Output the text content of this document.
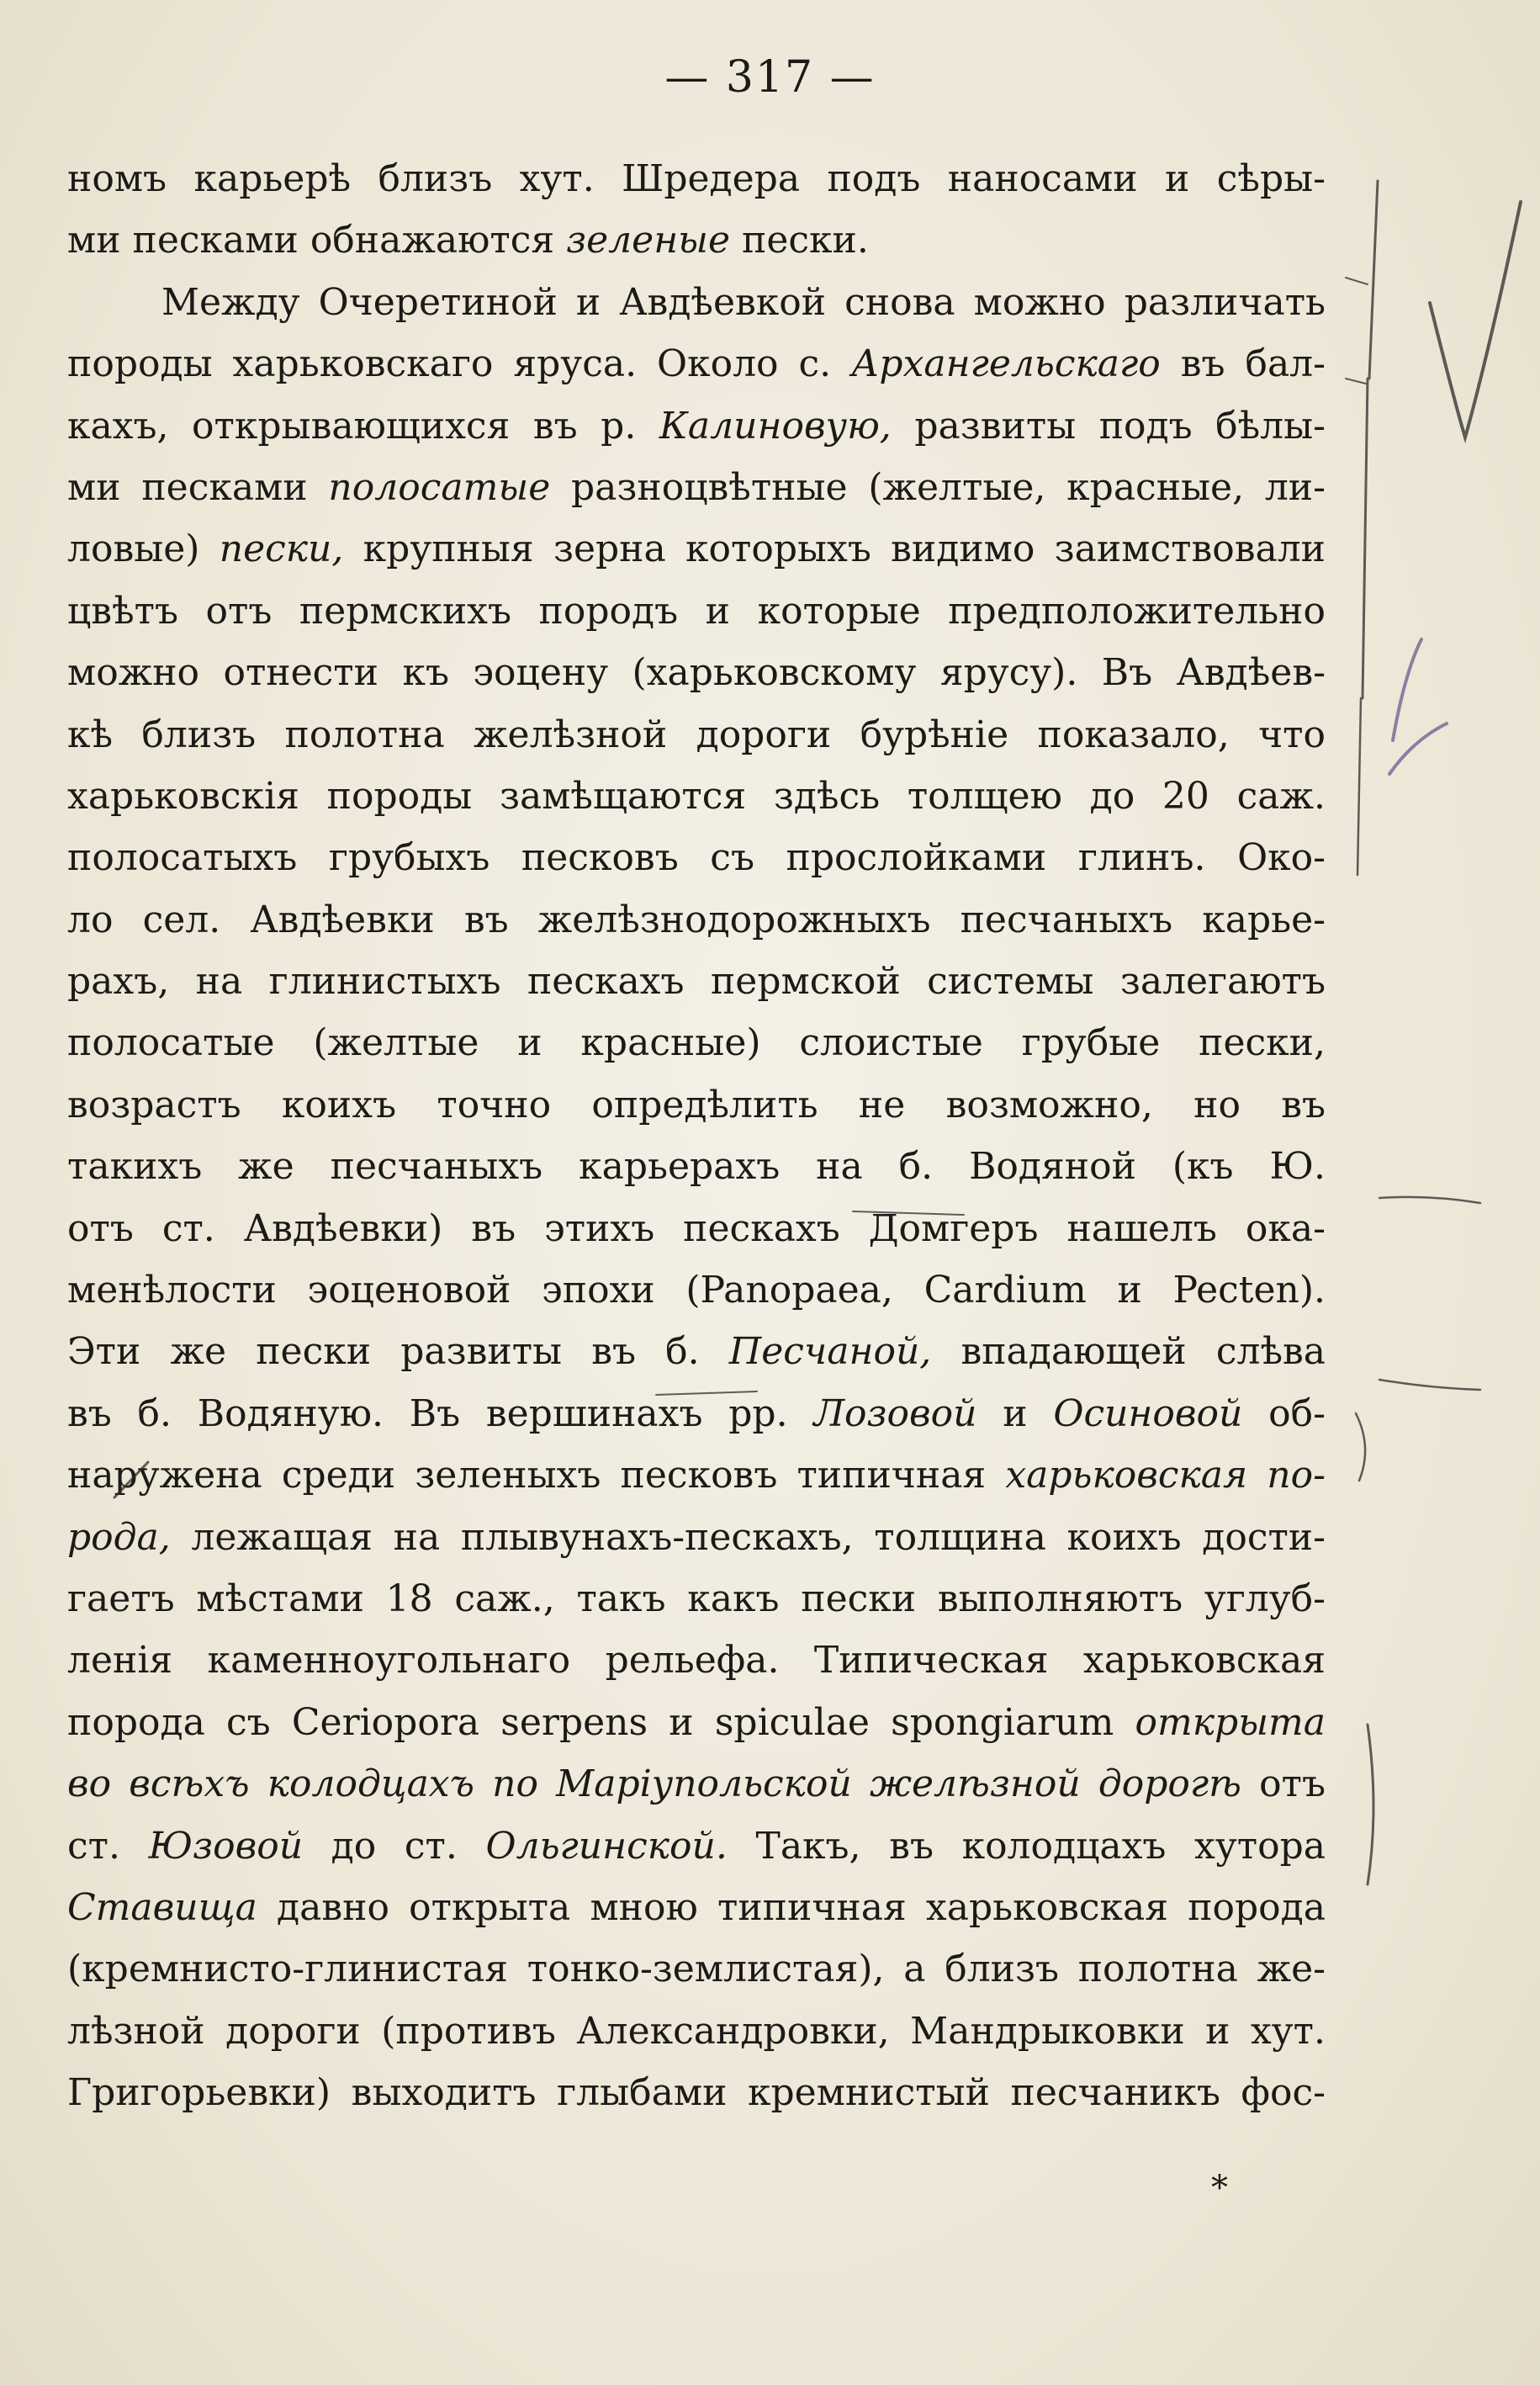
— 317 —
номъ карьерѣ близъ хут. Шредера подъ наносами и сѣры-
ми песками обнажаются зеленые пески.
Между Очеретиной и Авдѣевкой снова можно различать
породы харьковскаго яруса. Около с. Архангельскаго въ бал-
кахъ, открывающихся въ р. Калиновую, развиты подъ бѣлы-
ми песками полосатые разноцвѣтные (желтые, красные, ли-
ловые) пески, крупныя зерна которыхъ видимо заимствовали
цвѣтъ отъ пермскихъ породъ и которые предположительно
можно отнести къ эоцену (харьковскому ярусу). Въ Авдѣев-
кѣ близъ полотна желѣзной дороги бурѣніе показало, что
харьковскія породы замѣщаются здѣсь толщею до 20 саж.
полосатыхъ грубыхъ песковъ съ прослойками глинъ. Око-
ло сел. Авдѣевки въ желѣзнодорожныхъ песчаныхъ карье-
рахъ, на глинистыхъ пескахъ пермской системы залегаютъ
полосатые (желтые и красные) слоистые грубые пески,
возрастъ коихъ точно опредѣлить не возможно, но въ
такихъ же песчаныхъ карьерахъ на б. Водяной (къ Ю.
отъ ст. Авдѣевки) въ этихъ пескахъ Домгеръ нашелъ ока-
менѣлости эоценовой эпохи (Panopaea, Cardium и Pecten).
Эти же пески развиты въ б. Песчаной, впадающей слѣва
въ б. Водяную. Въ вершинахъ рр. Лозовой и Осиновой об-
наружена среди зеленыхъ песковъ типичная харьковская по-
рода, лежащая на плывунахъ-пескахъ, толщина коихъ дости-
гаетъ мѣстами 18 саж., такъ какъ пески выполняютъ углуб-
ленія каменноугольнаго рельефа. Типическая харьковская
порода съ Ceriopora serpens и spiculae spongiarum открыта
во всѣхъ колодцахъ по Маріупольской желѣзной дорогѣ отъ
ст. Юзовой до ст. Ольгинской. Такъ, въ колодцахъ хутора
Ставища давно открыта мною типичная харьковская порода
(кремнисто-глинистая тонко-землистая), а близъ полотна же-
лѣзной дороги (противъ Александровки, Мандрыковки и хут.
Григорьевки) выходитъ глыбами кремнистый песчаникъ фос-
*
